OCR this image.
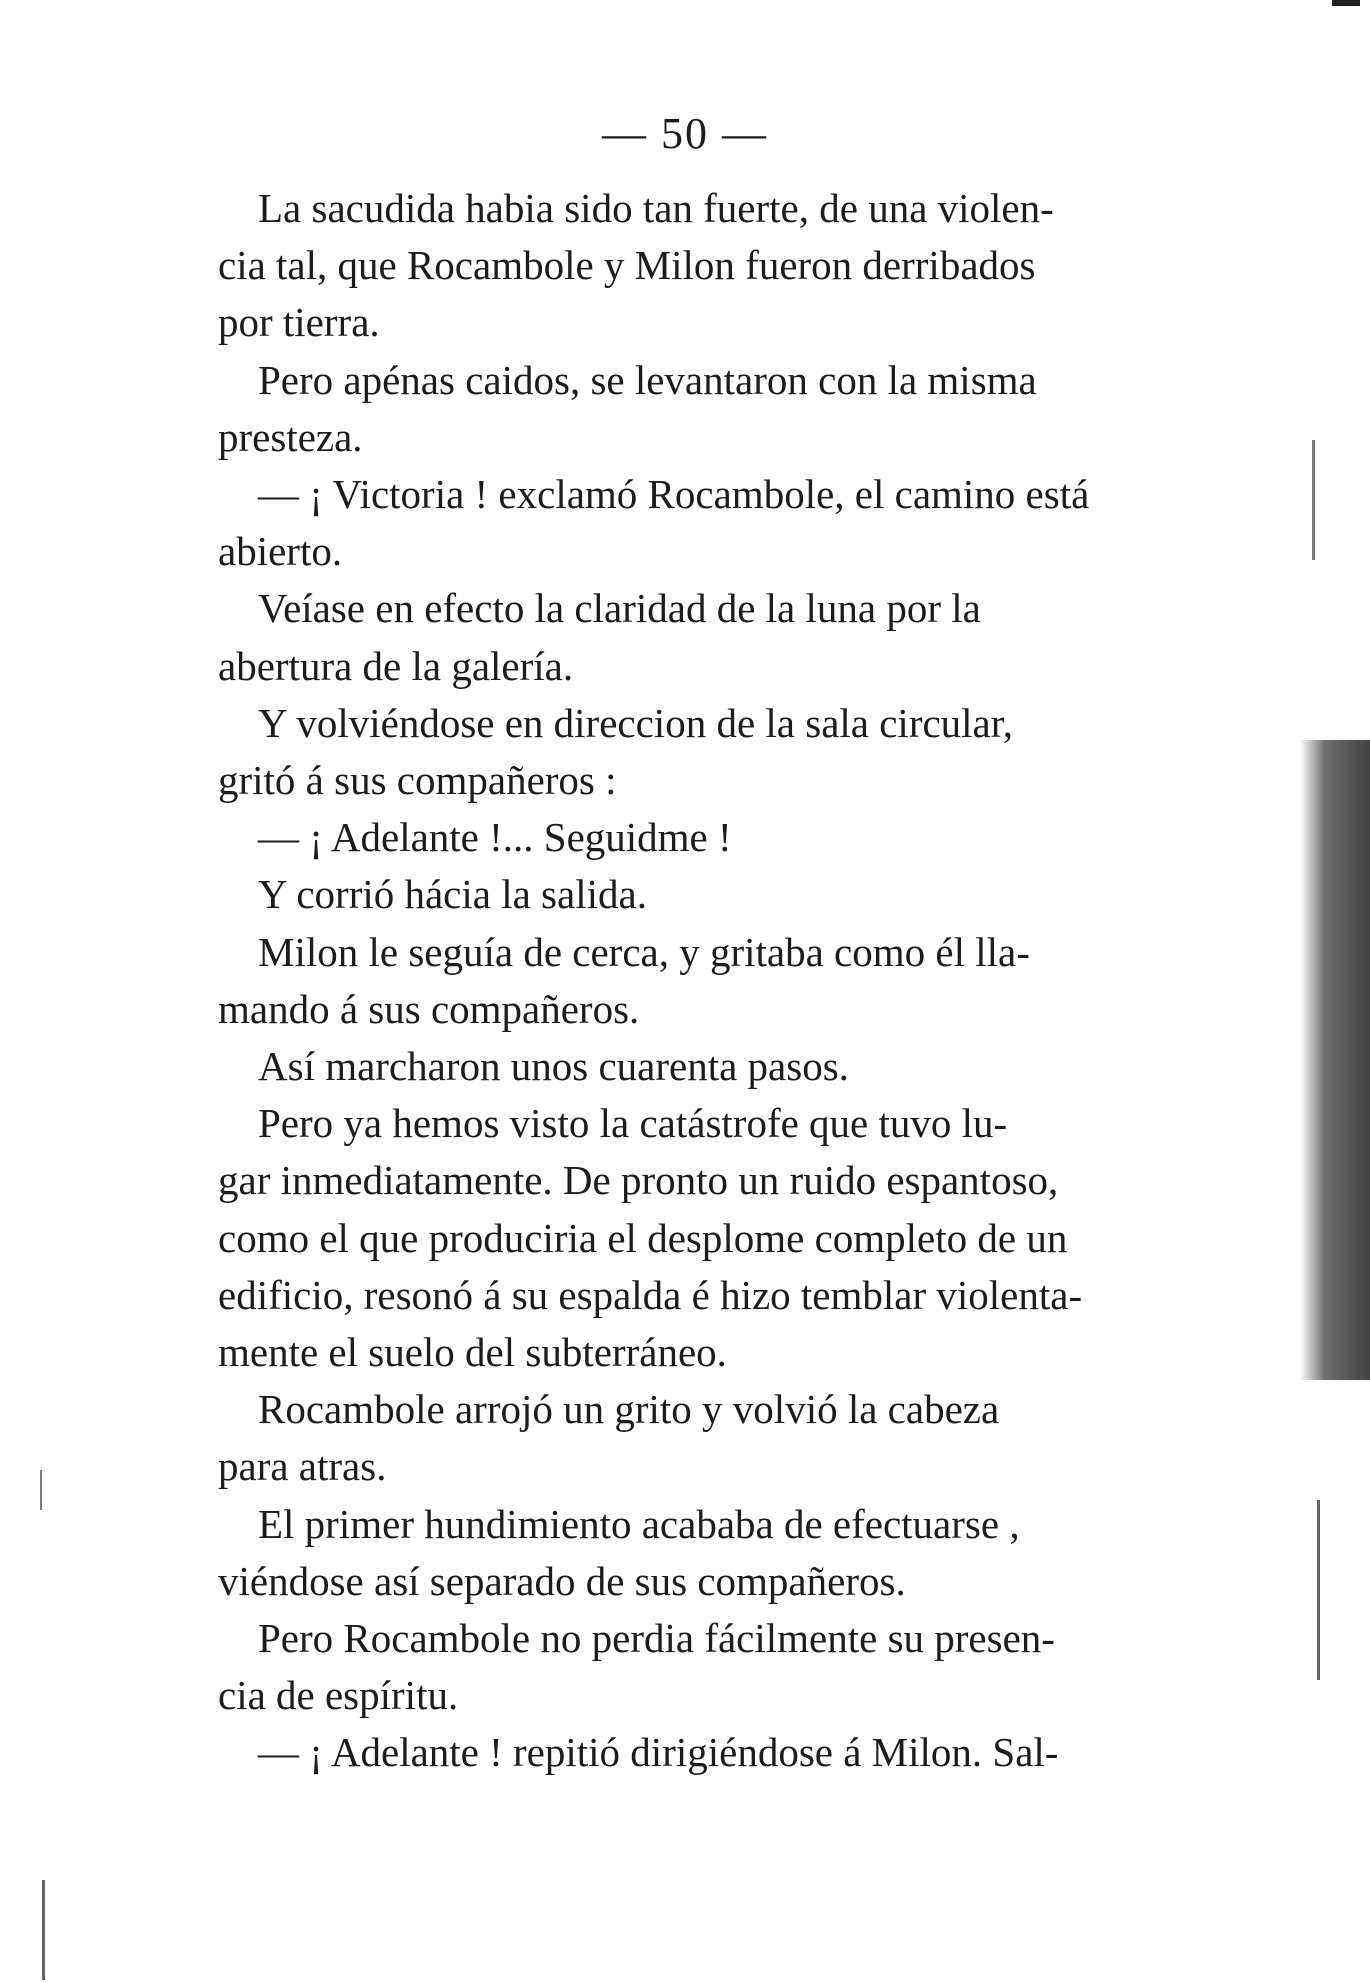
— 50 —

La sacudida habia sido tan fuerte, de una violen-
cia tal, que Rocambole y Milon fueron derribados
por tierra.

Pero apénas caidos, se levantaron con la misma
presteza.

— ¡ Victoria ! exclamó Rocambole, el camino está
abierto.

Veíase en efecto la claridad de la luna por la
abertura de la galería.

Y volviéndose en direccion de la sala circular,
gritó á sus compañeros :

— ¡ Adelante !... Seguidme !

Y corrió hácia la salida.

Milon le seguía de cerca, y gritaba como él lla-
mando á sus compañeros.

Así marcharon unos cuarenta pasos.

Pero ya hemos visto la catástrofe que tuvo lu-
gar inmediatamente. De pronto un ruido espantoso,
como el que produciria el desplome completo de un
edificio, resonó á su espalda é hizo temblar violenta-
mente el suelo del subterráneo.

Rocambole arrojó un grito y volvió la cabeza
para atras.

El primer hundimiento acababa de efectuarse ,
viéndose así separado de sus compañeros.

Pero Rocambole no perdia fácilmente su presen-
cia de espíritu.

— ¡ Adelante ! repitió dirigiéndose á Milon. Sal-
